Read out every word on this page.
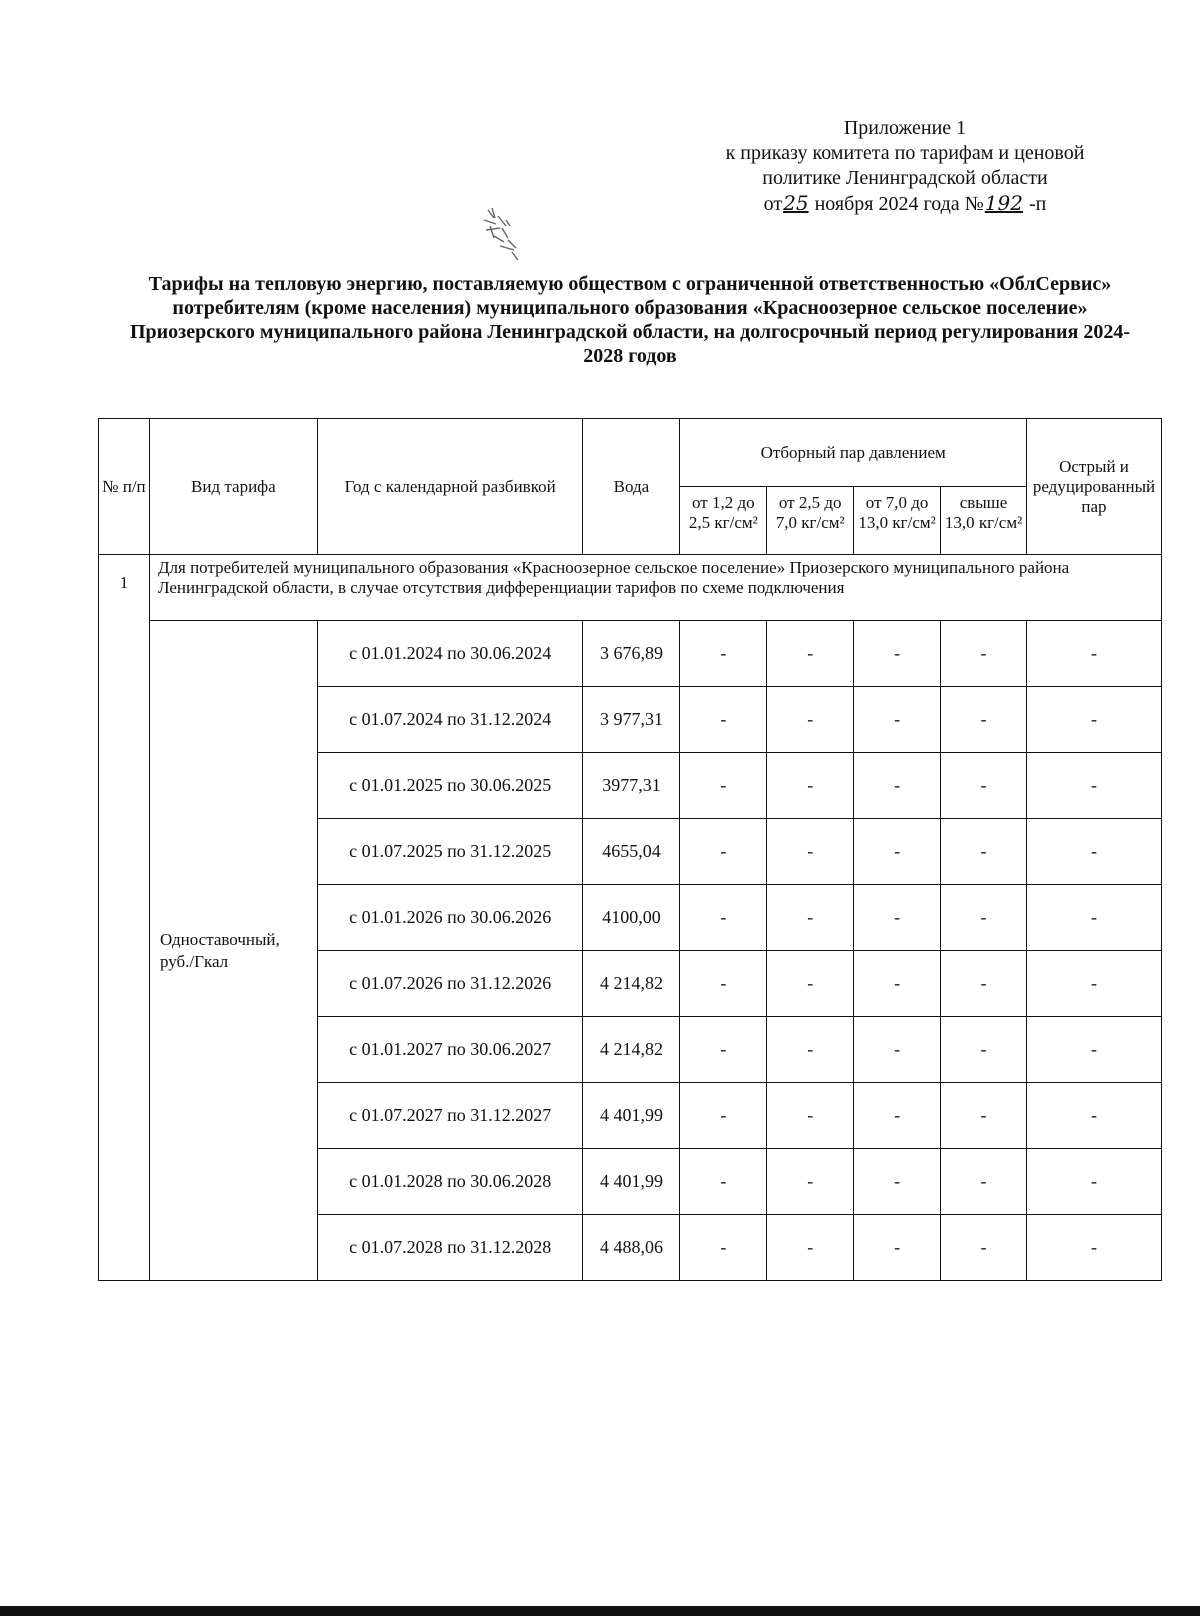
Приложение 1
к приказу комитета по тарифам и ценовой
политике Ленинградской области
от25 ноября 2024 года №192 -п
Тарифы на тепловую энергию, поставляемую обществом с ограниченной ответственностью «ОблСервис» потребителям (кроме населения) муниципального образования «Красноозерное сельское поселение» Приозерского муниципального района Ленинградской области, на долгосрочный период регулирования 2024-2028 годов
№ п/п	Вид тарифа	Год с календарной разбивкой	Вода	Отборный пар давлением				Острый и редуцированный пар
				от 1,2 до 2,5 кг/см²	от 2,5 до 7,0 кг/см²	от 7,0 до 13,0 кг/см²	свыше 13,0 кг/см²	
1	Для потребителей муниципального образования «Красноозерное сельское поселение» Приозерского муниципального района Ленинградской области, в случае отсутствия дифференциации тарифов по схеме подключения							
	Одноставочный, руб./Гкал	с 01.01.2024 по 30.06.2024	3 676,89	-	-	-	-	-
		с 01.07.2024 по 31.12.2024	3 977,31	-	-	-	-	-
		с 01.01.2025 по 30.06.2025	3977,31	-	-	-	-	-
		с 01.07.2025 по 31.12.2025	4655,04	-	-	-	-	-
		с 01.01.2026 по 30.06.2026	4100,00	-	-	-	-	-
		с 01.07.2026 по 31.12.2026	4 214,82	-	-	-	-	-
		с 01.01.2027 по 30.06.2027	4 214,82	-	-	-	-	-
		с 01.07.2027 по 31.12.2027	4 401,99	-	-	-	-	-
		с 01.01.2028 по 30.06.2028	4 401,99	-	-	-	-	-
		с 01.07.2028 по 31.12.2028	4 488,06	-	-	-	-	-
